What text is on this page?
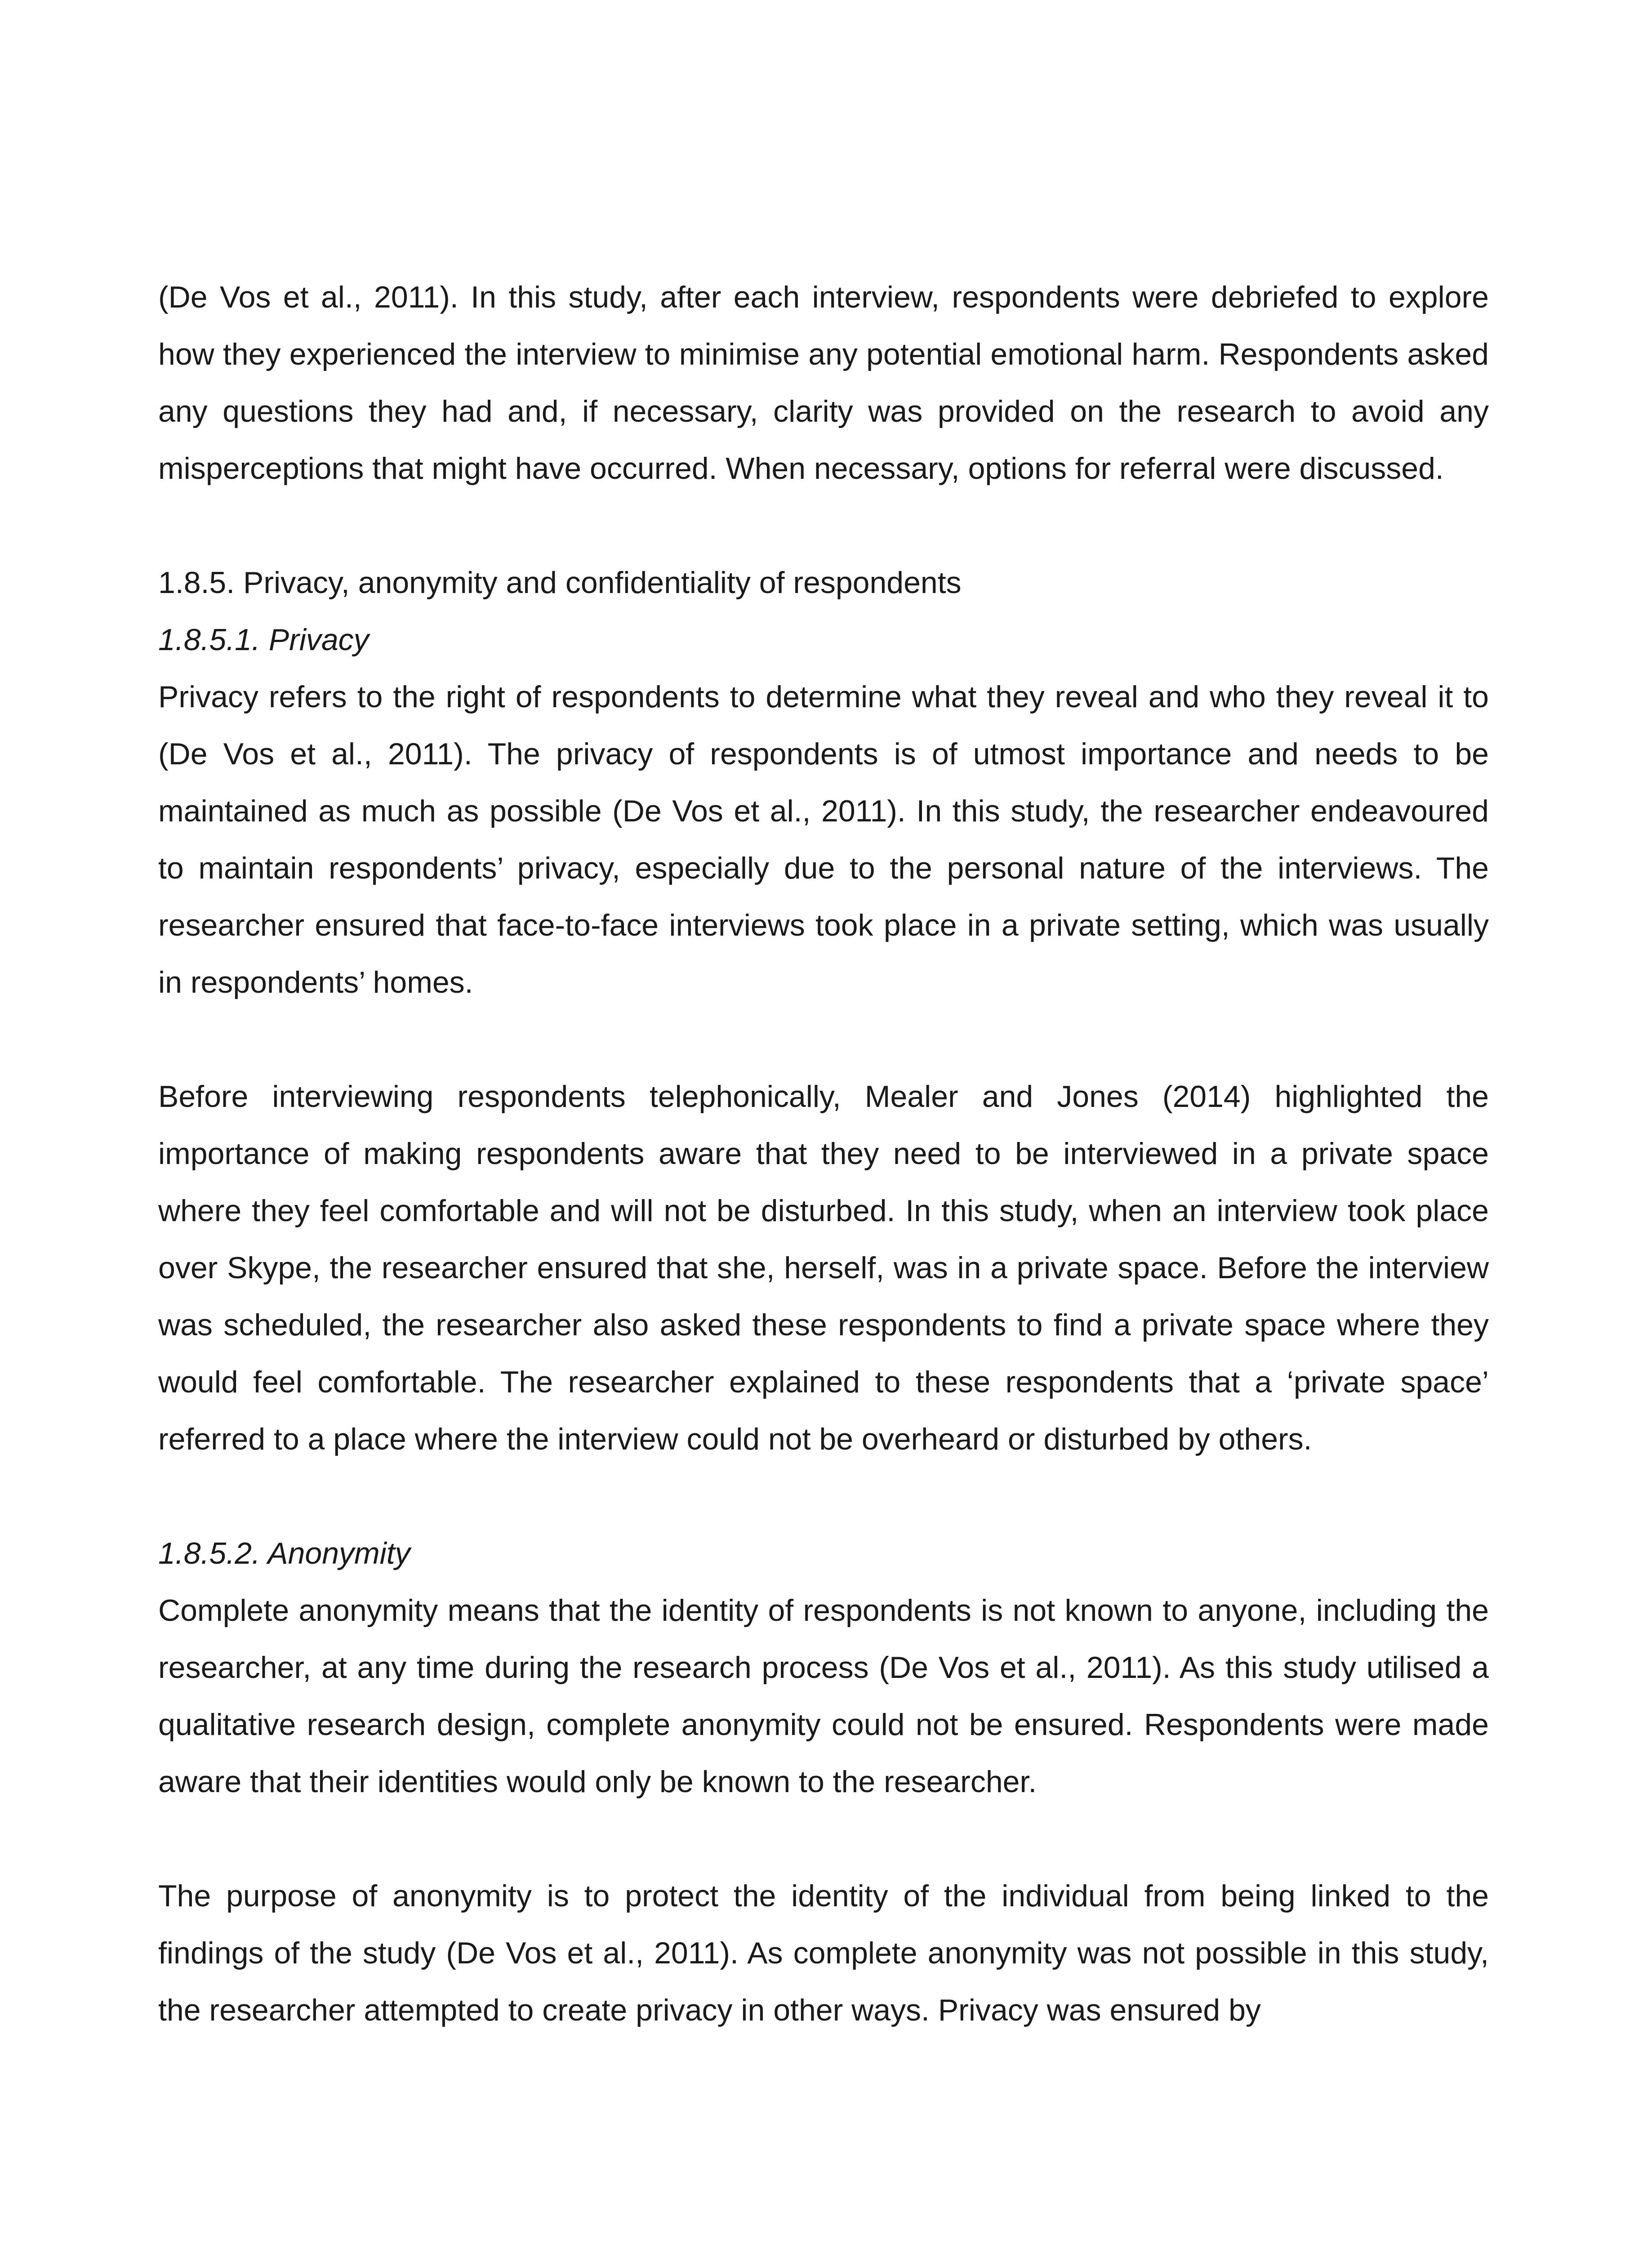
(De Vos et al., 2011). In this study, after each interview, respondents were debriefed to explore how they experienced the interview to minimise any potential emotional harm. Respondents asked any questions they had and, if necessary, clarity was provided on the research to avoid any misperceptions that might have occurred. When necessary, options for referral were discussed.

1.8.5. Privacy, anonymity and confidentiality of respondents
1.8.5.1. Privacy

Privacy refers to the right of respondents to determine what they reveal and who they reveal it to (De Vos et al., 2011). The privacy of respondents is of utmost importance and needs to be maintained as much as possible (De Vos et al., 2011). In this study, the researcher endeavoured to maintain respondents’ privacy, especially due to the personal nature of the interviews. The researcher ensured that face-to-face interviews took place in a private setting, which was usually in respondents’ homes.

Before interviewing respondents telephonically, Mealer and Jones (2014) highlighted the importance of making respondents aware that they need to be interviewed in a private space where they feel comfortable and will not be disturbed. In this study, when an interview took place over Skype, the researcher ensured that she, herself, was in a private space. Before the interview was scheduled, the researcher also asked these respondents to find a private space where they would feel comfortable. The researcher explained to these respondents that a ‘private space’ referred to a place where the interview could not be overheard or disturbed by others.

1.8.5.2. Anonymity

Complete anonymity means that the identity of respondents is not known to anyone, including the researcher, at any time during the research process (De Vos et al., 2011). As this study utilised a qualitative research design, complete anonymity could not be ensured. Respondents were made aware that their identities would only be known to the researcher.

The purpose of anonymity is to protect the identity of the individual from being linked to the findings of the study (De Vos et al., 2011). As complete anonymity was not possible in this study, the researcher attempted to create privacy in other ways. Privacy was ensured by
